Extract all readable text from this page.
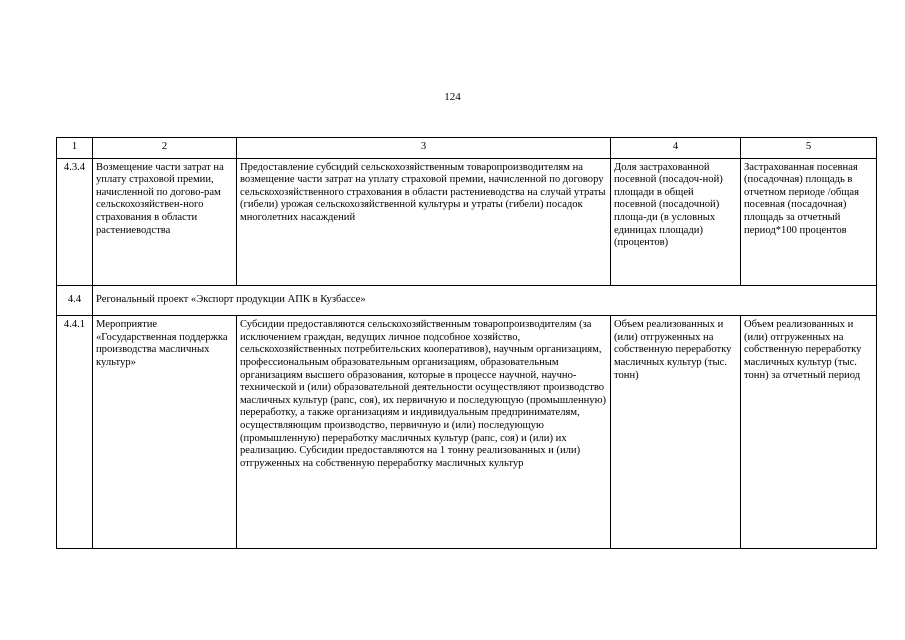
124
1	2	3	4	5
4.3.4	Возмещение части затрат на уплату страховой премии, начисленной по догово-рам сельскохозяйствен-ного страхования в области растениеводства	Предоставление субсидий сельскохозяйственным товаропроизводителям на возмещение части затрат на уплату страховой премии, начисленной по договору сельскохозяйственного страхования в области растениеводства на случай утраты (гибели) урожая сельскохозяйственной культуры и утраты (гибели) посадок многолетних насаждений	Доля застрахованной посевной (посадоч-ной) площади в общей посевной (посадочной) площа-ди (в условных единицах площади) (процентов)	Застрахованная посевная (посадочная) площадь в отчетном периоде /общая посевная (посадочная) площадь за отчетный период*100 процентов
4.4	Регональный проект «Экспорт продукции АПК в Кузбассе»			
4.4.1	Мероприятие «Государственная поддержка производства масличных культур»	Субсидии предоставляются сельскохозяйственным товаропроизводителям (за исключением граждан, ведущих личное подсобное хозяйство, сельскохозяйственных потребительских кооперативов), научным организациям, профессиональным образовательным организациям, образовательным организациям высшего образования, которые в процессе научной, научно-технической и (или) образовательной деятельности осуществляют производство масличных культур (рапс, соя), их первичную и последующую (промышленную) переработку, а также организациям и индивидуальным предпринимателям, осуществляющим производство, первичную и (или) последующую (промышленную) переработку масличных культур (рапс, соя) и (или) их реализацию. Субсидии предоставляются на 1 тонну реализованных и (или) отгруженных на собственную переработку масличных культур	Объем реализованных и (или) отгруженных на собственную переработку масличных культур (тыс. тонн)	Объем реализованных и (или) отгруженных на собственную переработку масличных культур (тыс. тонн) за отчетный период
